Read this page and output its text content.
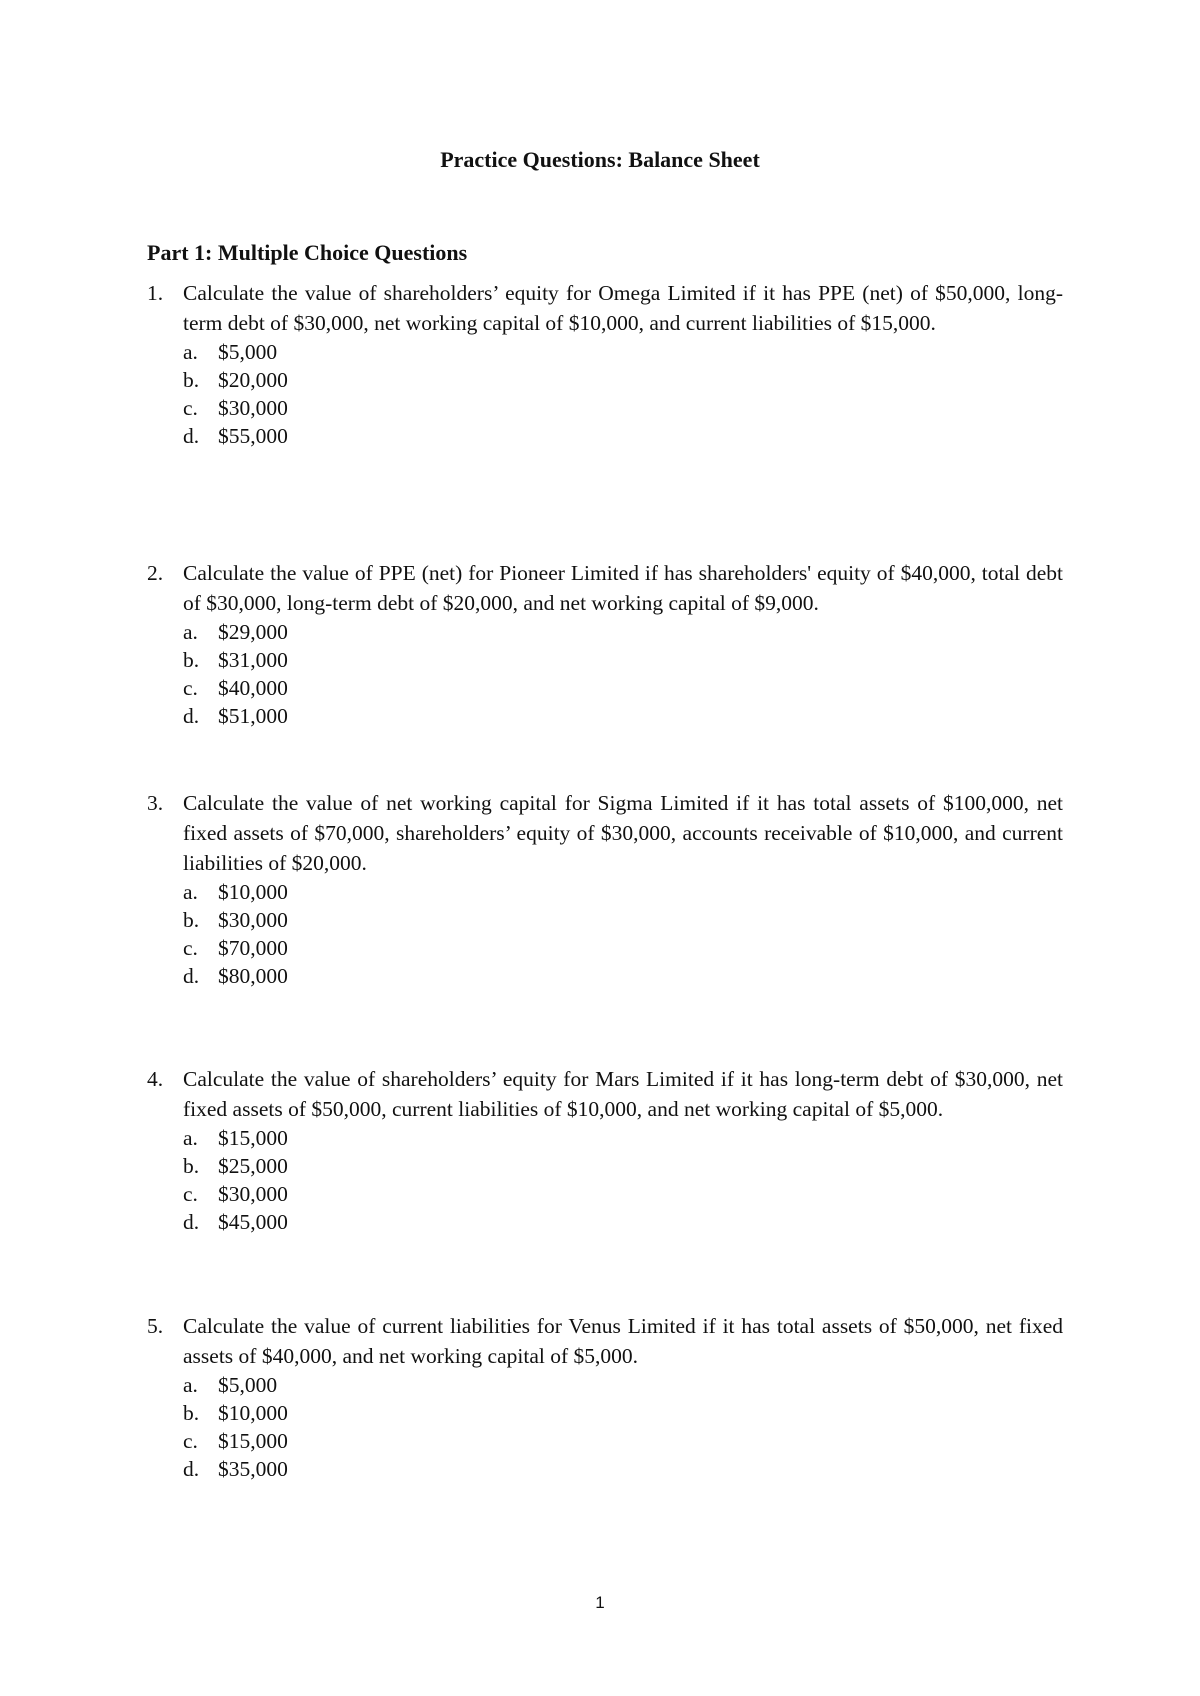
Practice Questions: Balance Sheet
Part 1: Multiple Choice Questions
1. Calculate the value of shareholders’ equity for Omega Limited if it has PPE (net) of $50,000, long-term debt of $30,000, net working capital of $10,000, and current liabilities of $15,000.
a. $5,000
b. $20,000
c. $30,000
d. $55,000
2. Calculate the value of PPE (net) for Pioneer Limited if has shareholders' equity of $40,000, total debt of $30,000, long-term debt of $20,000, and net working capital of $9,000.
a. $29,000
b. $31,000
c. $40,000
d. $51,000
3. Calculate the value of net working capital for Sigma Limited if it has total assets of $100,000, net fixed assets of $70,000, shareholders’ equity of $30,000, accounts receivable of $10,000, and current liabilities of $20,000.
a. $10,000
b. $30,000
c. $70,000
d. $80,000
4. Calculate the value of shareholders’ equity for Mars Limited if it has long-term debt of $30,000, net fixed assets of $50,000, current liabilities of $10,000, and net working capital of $5,000.
a. $15,000
b. $25,000
c. $30,000
d. $45,000
5. Calculate the value of current liabilities for Venus Limited if it has total assets of $50,000, net fixed assets of $40,000, and net working capital of $5,000.
a. $5,000
b. $10,000
c. $15,000
d. $35,000
1
